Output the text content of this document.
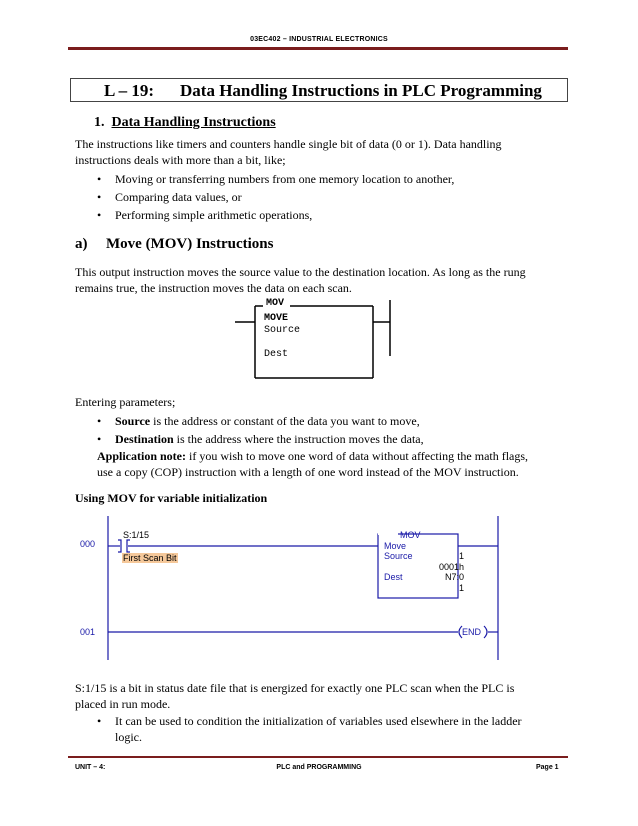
03EC402 – INDUSTRIAL ELECTRONICS
L – 19: Data Handling Instructions in PLC Programming
1. Data Handling Instructions
The instructions like timers and counters handle single bit of data (0 or 1). Data handling
instructions deals with more than a bit, like;
• Moving or transferring numbers from one memory location to another,
• Comparing data values, or
• Performing simple arithmetic operations,
a) Move (MOV) Instructions
This output instruction moves the source value to the destination location. As long as the rung
remains true, the instruction moves the data on each scan.
MOV
MOVE
Source
Dest
Entering parameters;
• Source is the address or constant of the data you want to move,
• Destination is the address where the instruction moves the data,
Application note: if you wish to move one word of data without affecting the math flags,
use a copy (COP) instruction with a length of one word instead of the MOV instruction.
Using MOV for variable initialization
000
001
S:1/15
First Scan Bit
MOV
Move
Source	1
0001h
Dest	N7:0
1
END
S:1/15 is a bit in status date file that is energized for exactly one PLC scan when the PLC is
placed in run mode.
• It can be used to condition the initialization of variables used elsewhere in the ladder
logic.
UNIT – 4:	PLC and PROGRAMMING	Page 1
